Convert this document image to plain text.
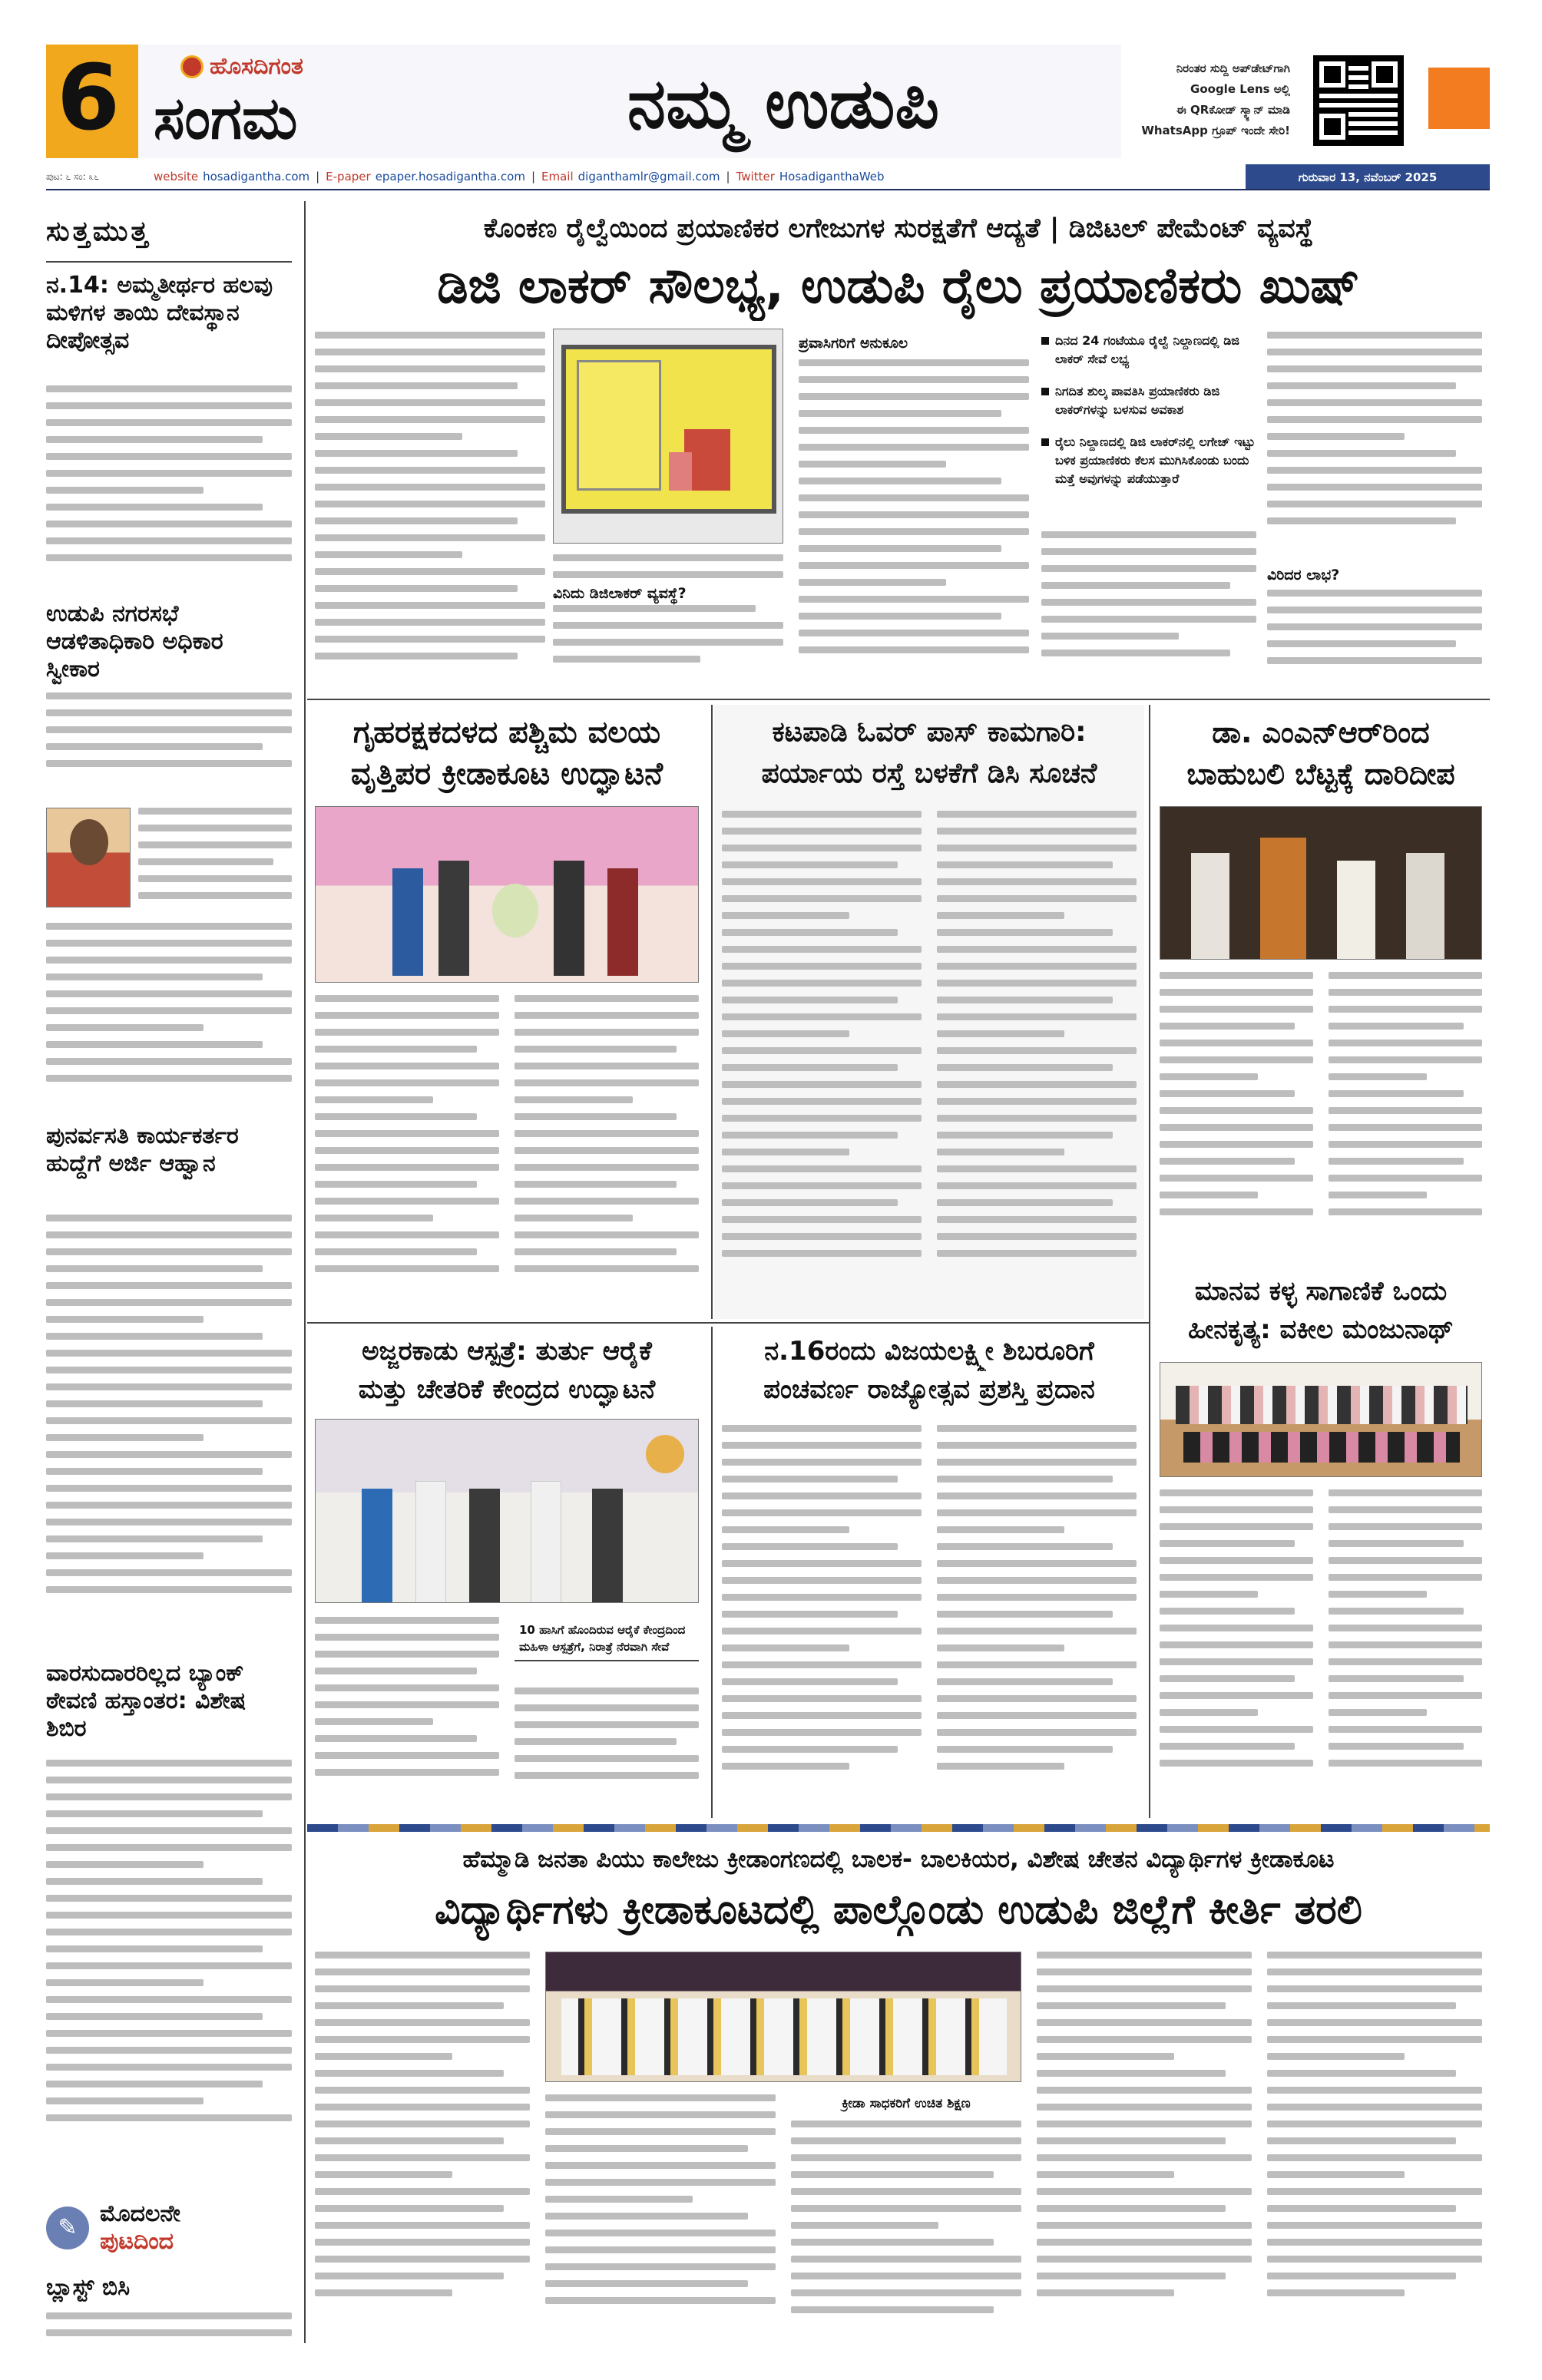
6	ಹೊಸದಿಗಂತ
ಸಂಗಮ	ನಮ್ಮ ಉಡುಪಿ	ನಿರಂತರ ಸುದ್ದಿ ಅಪ್‌ಡೇಟ್‌ಗಾಗಿ
Google Lens ಅಲ್ಲಿ
ಈ QRಕೋಡ್ ಸ್ಕ್ಯಾನ್ ಮಾಡಿ
WhatsApp ಗ್ರೂಪ್ ಇಂದೇ ಸೇರಿ!
ಪುಟ: ೬ ಸಂ: ೩೬	website hosadigantha.com | E-paper epaper.hosadigantha.com | Email diganthamlr@gmail.com | Twitter HosadiganthaWeb	ಗುರುವಾರ 13, ನವೆಂಬರ್ 2025
ಸುತ್ತಮುತ್ತ
ನ.14: ಅಮ್ಮತೀರ್ಥರ ಹಲವು ಮಳಿಗಳ ತಾಯಿ ದೇವಸ್ಥಾನ ದೀಪೋತ್ಸವ
ಉಡುಪಿ ನಗರಸಭೆ ಆಡಳಿತಾಧಿಕಾರಿ ಅಧಿಕಾರ ಸ್ವೀಕಾರ
ಪುನರ್ವಸತಿ ಕಾರ್ಯಕರ್ತರ ಹುದ್ದೆಗೆ ಅರ್ಜಿ ಆಹ್ವಾನ
ವಾರಸುದಾರರಿಲ್ಲದ ಬ್ಯಾಂಕ್ ಠೇವಣಿ ಹಸ್ತಾಂತರ: ವಿಶೇಷ ಶಿಬಿರ
✎
ಮೊದಲನೇ
ಪುಟದಿಂದ
ಬ್ಲಾಸ್ಟ್ ಬಿಸಿ
ಕೊಂಕಣ ರೈಲ್ವೆಯಿಂದ ಪ್ರಯಾಣಿಕರ ಲಗೇಜುಗಳ ಸುರಕ್ಷತೆಗೆ ಆದ್ಯತೆ | ಡಿಜಿಟಲ್ ಪೇಮೆಂಟ್ ವ್ಯವಸ್ಥೆ
ಡಿಜಿ ಲಾಕರ್ ಸೌಲಭ್ಯ, ಉಡುಪಿ ರೈಲು ಪ್ರಯಾಣಿಕರು ಖುಷ್
ವಿನಿದು ಡಿಜಿಲಾಕರ್ ವ್ಯವಸ್ಥೆ?
ಪ್ರವಾಸಿಗರಿಗೆ ಅನುಕೂಲ	ದಿನದ 24 ಗಂಟೆಯೂ ರೈಲ್ವೆ ನಿಲ್ದಾಣದಲ್ಲಿ ಡಿಜಿ ಲಾಕರ್ ಸೇವೆ ಲಭ್ಯ
ನಿಗದಿತ ಶುಲ್ಕ ಪಾವತಿಸಿ ಪ್ರಯಾಣಿಕರು ಡಿಜಿ ಲಾಕರ್‌ಗಳನ್ನು ಬಳಸುವ ಅವಕಾಶ
ರೈಲು ನಿಲ್ದಾಣದಲ್ಲಿ ಡಿಜಿ ಲಾಕರ್‌ನಲ್ಲಿ ಲಗೇಜ್ ಇಟ್ಟು ಬಳಿಕ ಪ್ರಯಾಣಿಕರು ಕೆಲಸ ಮುಗಿಸಿಕೊಂಡು ಬಂದು ಮತ್ತೆ ಅವುಗಳನ್ನು ಪಡೆಯುತ್ತಾರೆ
ವಿರಿದರ ಲಾಭ?
ಗೃಹರಕ್ಷಕದಳದ ಪಶ್ಚಿಮ ವಲಯ
ವೃತ್ತಿಪರ ಕ್ರೀಡಾಕೂಟ ಉದ್ಘಾಟನೆ
ಕಟಪಾಡಿ ಓವರ್ ಪಾಸ್ ಕಾಮಗಾರಿ:
ಪರ್ಯಾಯ ರಸ್ತೆ ಬಳಕೆಗೆ ಡಿಸಿ ಸೂಚನೆ
ಡಾ. ಎಂಎನ್‌ಆರ್‌ರಿಂದ
ಬಾಹುಬಲಿ ಬೆಟ್ಟಕ್ಕೆ ದಾರಿದೀಪ
ಅಜ್ಜರಕಾಡು ಆಸ್ಪತ್ರೆ: ತುರ್ತು ಆರೈಕೆ
ಮತ್ತು ಚೇತರಿಕೆ ಕೇಂದ್ರದ ಉದ್ಘಾಟನೆ
10 ಹಾಸಿಗೆ ಹೊಂದಿರುವ ಆರೈಕೆ ಕೇಂದ್ರದಿಂದ ಮಹಿಳಾ ಆಸ್ಪತ್ರೆಗೆ, ನಿರಾತ್ರೆ ನೆರವಾಗಿ ಸೇವೆ
ನ.16ರಂದು ವಿಜಯಲಕ್ಷ್ಮೀ ಶಿಬರೂರಿಗೆ
ಪಂಚವರ್ಣ ರಾಜ್ಯೋತ್ಸವ ಪ್ರಶಸ್ತಿ ಪ್ರದಾನ
ಮಾನವ ಕಳ್ಳ ಸಾಗಾಣಿಕೆ ಒಂದು
ಹೀನಕೃತ್ಯ: ವಕೀಲ ಮಂಜುನಾಥ್
ಹೆಮ್ಮಾಡಿ ಜನತಾ ಪಿಯು ಕಾಲೇಜು ಕ್ರೀಡಾಂಗಣದಲ್ಲಿ ಬಾಲಕ- ಬಾಲಕಿಯರ, ವಿಶೇಷ ಚೇತನ ವಿದ್ಯಾರ್ಥಿಗಳ ಕ್ರೀಡಾಕೂಟ
ವಿದ್ಯಾರ್ಥಿಗಳು ಕ್ರೀಡಾಕೂಟದಲ್ಲಿ ಪಾಲ್ಗೊಂಡು ಉಡುಪಿ ಜಿಲ್ಲೆಗೆ ಕೀರ್ತಿ ತರಲಿ
ಕ್ರೀಡಾ ಸಾಧಕರಿಗೆ ಉಚಿತ ಶಿಕ್ಷಣ
